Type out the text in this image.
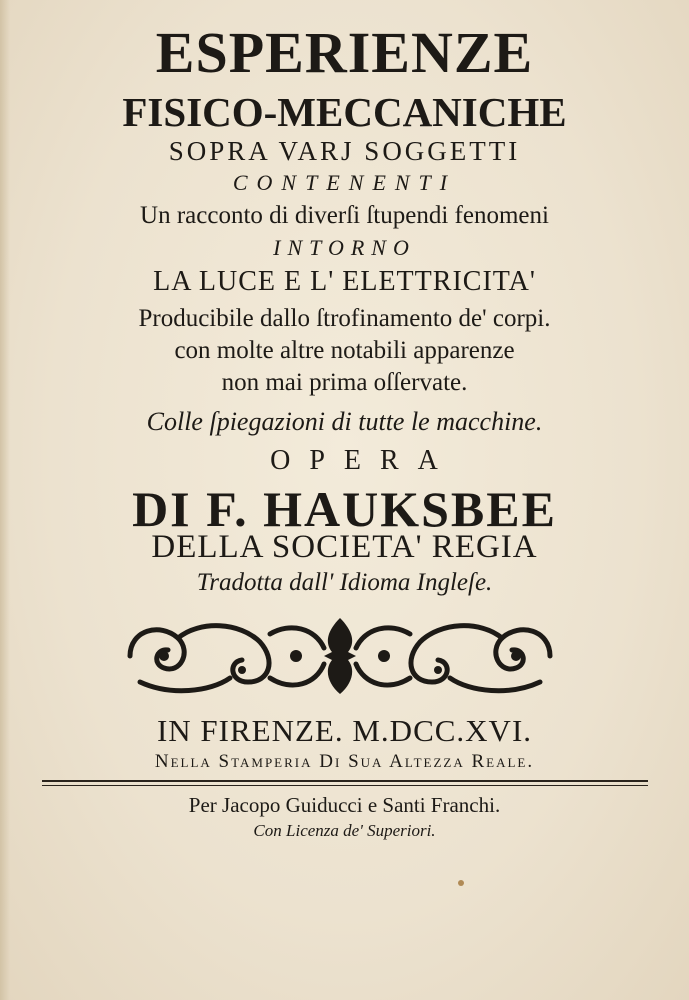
ESPERIENZE
FISICO-MECCANICHE
SOPRA VARJ SOGGETTI
CONTENENTI
Un racconto di diverſi ſtupendi fenomeni
INTORNO
LA LUCE E L' ELETTRICITA'
Producibile dallo ſtrofinamento de' corpi.
con molte altre notabili apparenze
non mai prima oſſervate.
Colle ſpiegazioni di tutte le macchine.
OPERA
DI F. HAUKSBEE
DELLA SOCIETA' REGIA
Tradotta dall' Idioma Ingleſe.
IN FIRENZE. M.DCC.XVI.
Nella Stamperia Di Sua Altezza Reale.
Per Jacopo Guiducci e Santi Franchi.
Con Licenza de' Superiori.
